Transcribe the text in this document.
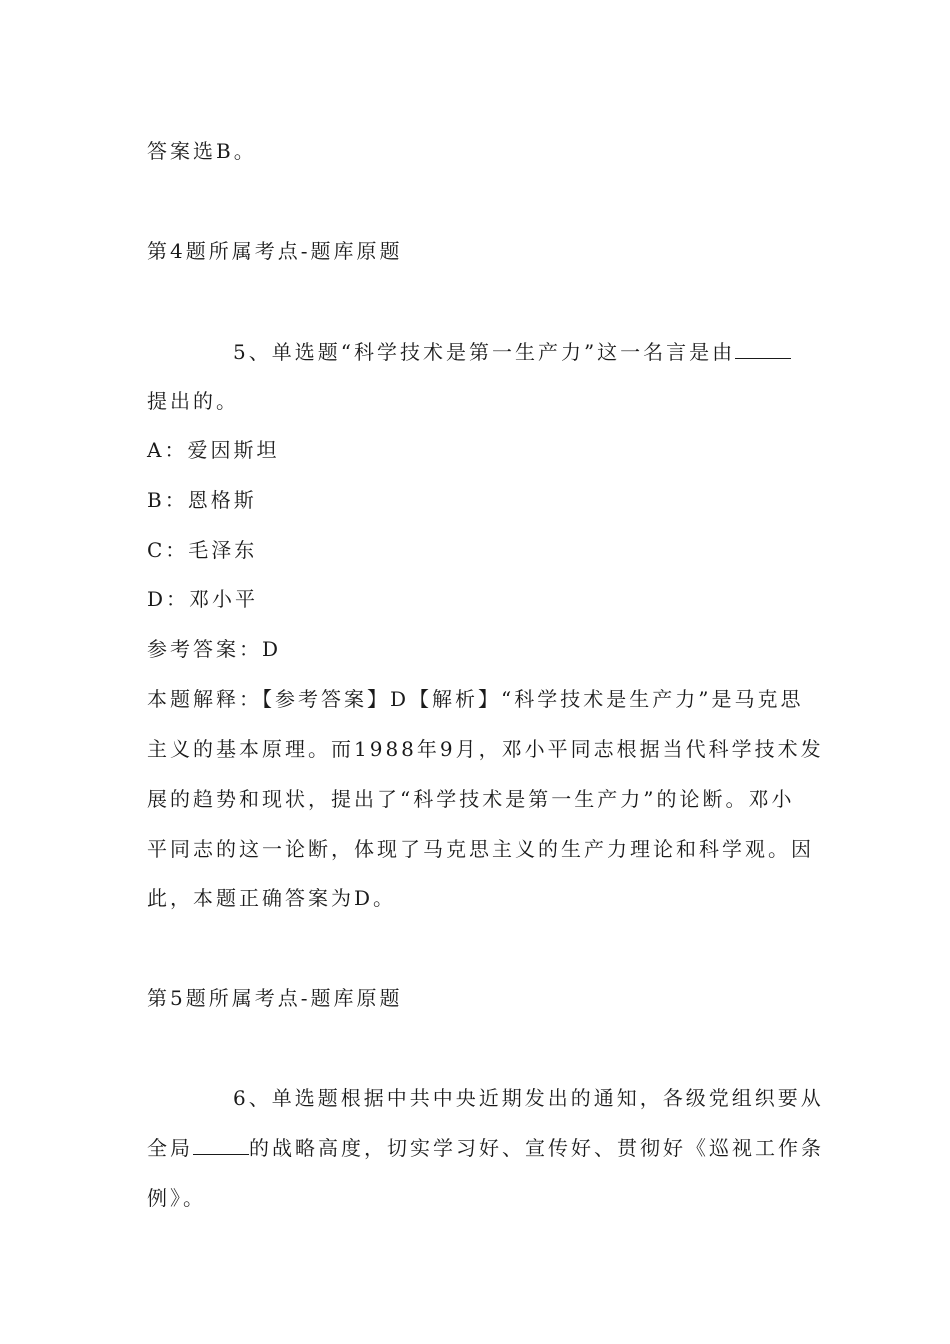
答案选B。
第4题所属考点-题库原题
5、单选题“科学技术是第一生产力”这一名言是由
提出的。
A：爱因斯坦
B：恩格斯
C：毛泽东
D：邓小平
参考答案：D
本题解释：【参考答案】D【解析】“科学技术是生产力”是马克思
主义的基本原理。而1988年9月，邓小平同志根据当代科学技术发
展的趋势和现状，提出了“科学技术是第一生产力”的论断。邓小
平同志的这一论断，体现了马克思主义的生产力理论和科学观。因
此，本题正确答案为D。
第5题所属考点-题库原题
6、单选题根据中共中央近期发出的通知，各级党组织要从
全局	的战略高度，切实学习好、宣传好、贯彻好《巡视工作条
例》。
